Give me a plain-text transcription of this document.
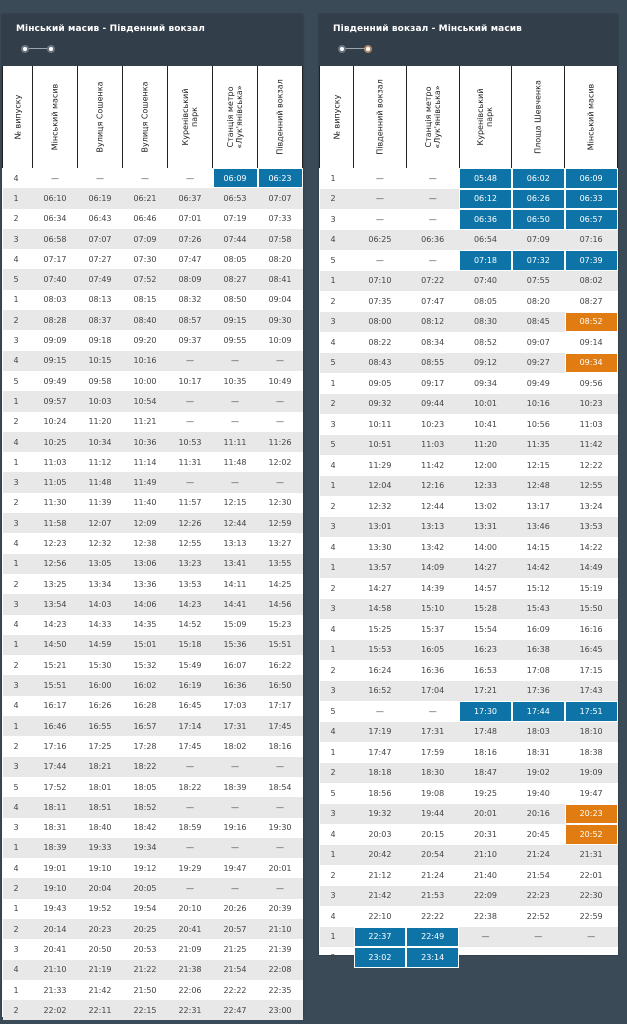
Мінський масив - Південний вокзал
№ випуску	Мінський масив	Вулиця Сошенка	Вулиця Сошенка	Куренівський
парк	Станція метро
«Лук'янівська»	Південний вокзал

4	—	—	—	—	06:09	06:23
1	06:10	06:19	06:21	06:37	06:53	07:07
2	06:34	06:43	06:46	07:01	07:19	07:33
3	06:58	07:07	07:09	07:26	07:44	07:58
4	07:17	07:27	07:30	07:47	08:05	08:20
5	07:40	07:49	07:52	08:09	08:27	08:41
1	08:03	08:13	08:15	08:32	08:50	09:04
2	08:28	08:37	08:40	08:57	09:15	09:30
3	09:09	09:18	09:20	09:37	09:55	10:09
4	09:15	10:15	10:16	—	—	—
5	09:49	09:58	10:00	10:17	10:35	10:49
1	09:57	10:03	10:54	—	—	—
2	10:24	11:20	11:21	—	—	—
4	10:25	10:34	10:36	10:53	11:11	11:26
1	11:03	11:12	11:14	11:31	11:48	12:02
3	11:05	11:48	11:49	—	—	—
2	11:30	11:39	11:40	11:57	12:15	12:30
3	11:58	12:07	12:09	12:26	12:44	12:59
4	12:23	12:32	12:38	12:55	13:13	13:27
1	12:56	13:05	13:06	13:23	13:41	13:55
2	13:25	13:34	13:36	13:53	14:11	14:25
3	13:54	14:03	14:06	14:23	14:41	14:56
4	14:23	14:33	14:35	14:52	15:09	15:23
1	14:50	14:59	15:01	15:18	15:36	15:51
2	15:21	15:30	15:32	15:49	16:07	16:22
3	15:51	16:00	16:02	16:19	16:36	16:50
4	16:17	16:26	16:28	16:45	17:03	17:17
1	16:46	16:55	16:57	17:14	17:31	17:45
2	17:16	17:25	17:28	17:45	18:02	18:16
3	17:44	18:21	18:22	—	—	—
5	17:52	18:01	18:05	18:22	18:39	18:54
4	18:11	18:51	18:52	—	—	—
3	18:31	18:40	18:42	18:59	19:16	19:30
1	18:39	19:33	19:34	—	—	—
4	19:01	19:10	19:12	19:29	19:47	20:01
2	19:10	20:04	20:05	—	—	—
1	19:43	19:52	19:54	20:10	20:26	20:39
2	20:14	20:23	20:25	20:41	20:57	21:10
3	20:41	20:50	20:53	21:09	21:25	21:39
4	21:10	21:19	21:22	21:38	21:54	22:08
1	21:33	21:42	21:50	22:06	22:22	22:35
2	22:02	22:11	22:15	22:31	22:47	23:00
Південний вокзал - Мінський масив
№ випуску	Південний вокзал	Станція метро
«Лук'янівська»	Куренівський
парк	Площа Шевченка	Мінський масив

1	—	—	05:48	06:02	06:09
2	—	—	06:12	06:26	06:33
3	—	—	06:36	06:50	06:57
4	06:25	06:36	06:54	07:09	07:16
5	—	—	07:18	07:32	07:39
1	07:10	07:22	07:40	07:55	08:02
2	07:35	07:47	08:05	08:20	08:27
3	08:00	08:12	08:30	08:45	08:52
4	08:22	08:34	08:52	09:07	09:14
5	08:43	08:55	09:12	09:27	09:34
1	09:05	09:17	09:34	09:49	09:56
2	09:32	09:44	10:01	10:16	10:23
3	10:11	10:23	10:41	10:56	11:03
5	10:51	11:03	11:20	11:35	11:42
4	11:29	11:42	12:00	12:15	12:22
1	12:04	12:16	12:33	12:48	12:55
2	12:32	12:44	13:02	13:17	13:24
3	13:01	13:13	13:31	13:46	13:53
4	13:30	13:42	14:00	14:15	14:22
1	13:57	14:09	14:27	14:42	14:49
2	14:27	14:39	14:57	15:12	15:19
3	14:58	15:10	15:28	15:43	15:50
4	15:25	15:37	15:54	16:09	16:16
1	15:53	16:05	16:23	16:38	16:45
2	16:24	16:36	16:53	17:08	17:15
3	16:52	17:04	17:21	17:36	17:43
5	—	—	17:30	17:44	17:51
4	17:19	17:31	17:48	18:03	18:10
1	17:47	17:59	18:16	18:31	18:38
2	18:18	18:30	18:47	19:02	19:09
5	18:56	19:08	19:25	19:40	19:47
3	19:32	19:44	20:01	20:16	20:23
4	20:03	20:15	20:31	20:45	20:52
1	20:42	20:54	21:10	21:24	21:31
2	21:12	21:24	21:40	21:54	22:01
3	21:42	21:53	22:09	22:23	22:30
4	22:10	22:22	22:38	22:52	22:59
1	22:37	22:49	—	—	—
2	23:02	23:14	—	—	—
